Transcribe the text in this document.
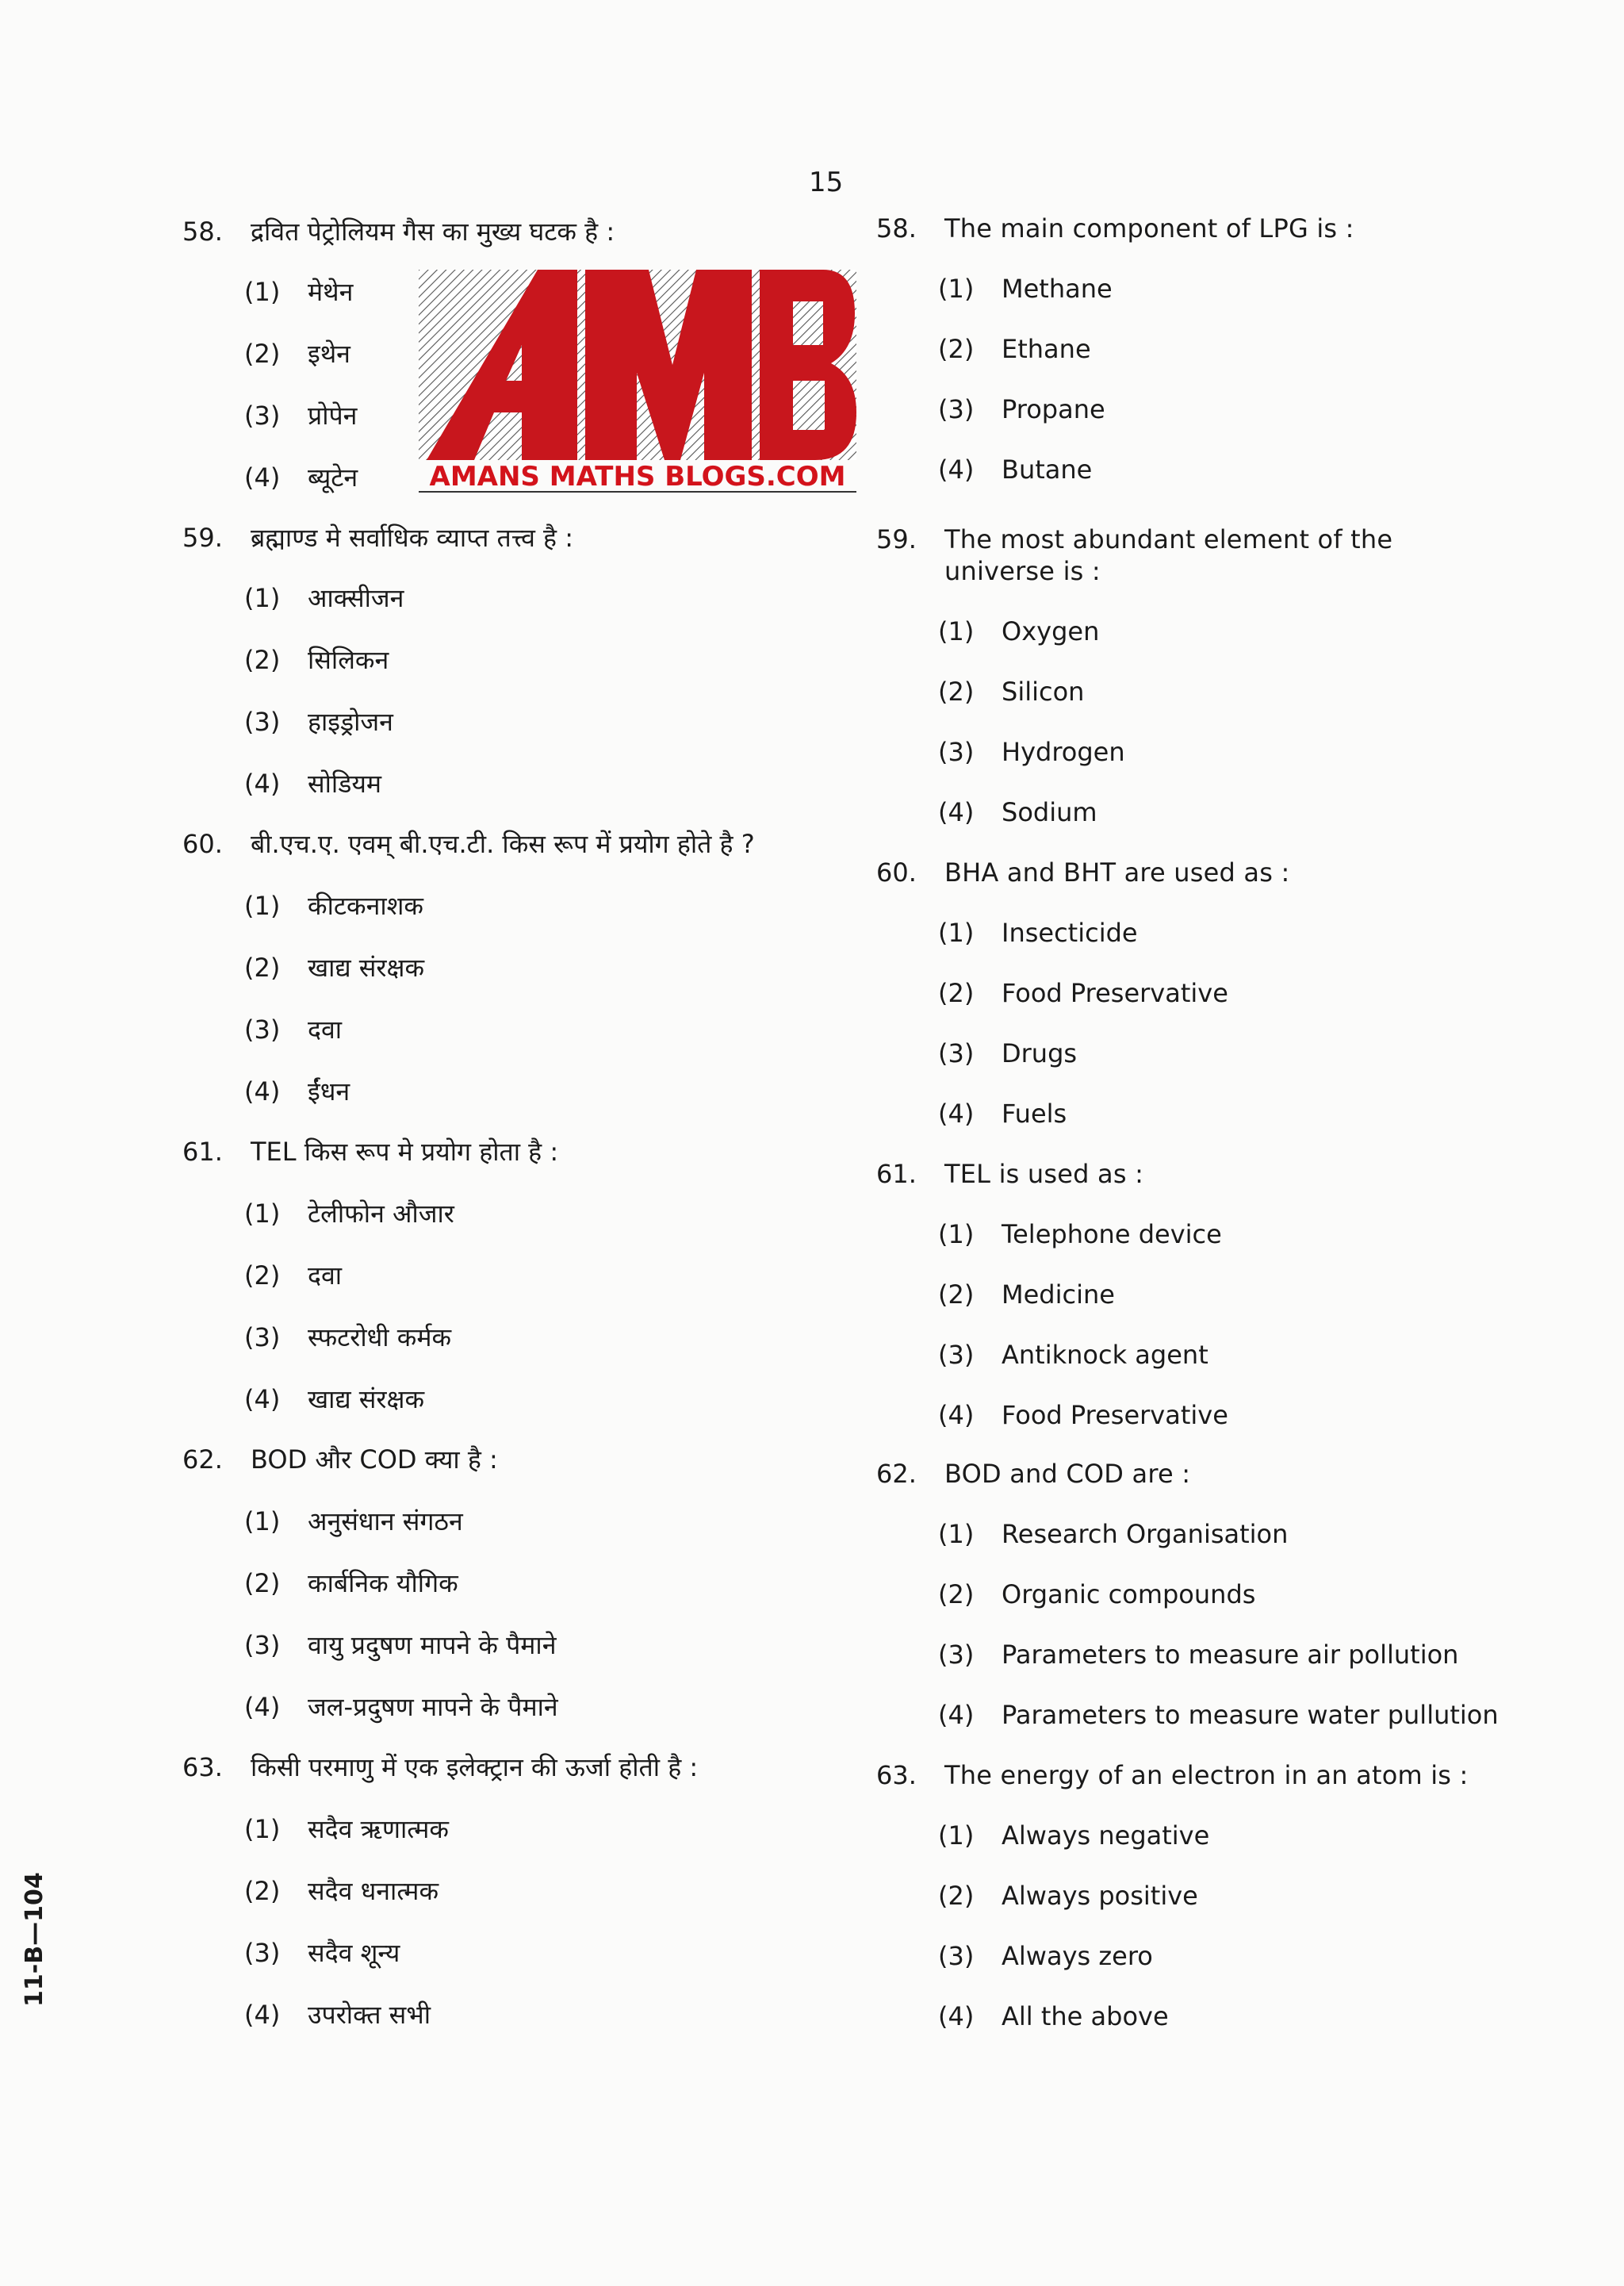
15
11-B—104
58.	द्रवित पेट्रोलियम गैस का मुख्य घटक है :
(1)	मेथेन
(2)	इथेन
(3)	प्रोपेन
(4)	ब्यूटेन
59.	ब्रह्माण्ड मे सर्वाधिक व्याप्त तत्त्व है :
(1)	आक्सीजन
(2)	सिलिकन
(3)	हाइड्रोजन
(4)	सोडियम
60.	बी.एच.ए. एवम् बी.एच.टी. किस रूप में प्रयोग होते है ?
(1)	कीटकनाशक
(2)	खाद्य संरक्षक
(3)	दवा
(4)	ईंधन
61.	TEL किस रूप मे प्रयोग होता है :
(1)	टेलीफोन औजार
(2)	दवा
(3)	स्फटरोधी कर्मक
(4)	खाद्य संरक्षक
62.	BOD और COD क्या है :
(1)	अनुसंधान संगठन
(2)	कार्बनिक यौगिक
(3)	वायु प्रदुषण मापने के पैमाने
(4)	जल-प्रदुषण मापने के पैमाने
63.	किसी परमाणु में एक इलेक्ट्रान की ऊर्जा होती है :
(1)	सदैव ऋणात्मक
(2)	सदैव धनात्मक
(3)	सदैव शून्य
(4)	उपरोक्त सभी
58.	The main component of LPG is :
(1)	Methane
(2)	Ethane
(3)	Propane
(4)	Butane
59.	The most abundant element of the universe is :
(1)	Oxygen
(2)	Silicon
(3)	Hydrogen
(4)	Sodium
60.	BHA and BHT are used as :
(1)	Insecticide
(2)	Food Preservative
(3)	Drugs
(4)	Fuels
61.	TEL is used as :
(1)	Telephone device
(2)	Medicine
(3)	Antiknock agent
(4)	Food Preservative
62.	BOD and COD are :
(1)	Research Organisation
(2)	Organic compounds
(3)	Parameters to measure air pollution
(4)	Parameters to measure water pullution
63.	The energy of an electron in an atom is :
(1)	Always negative
(2)	Always positive
(3)	Always zero
(4)	All the above
AMANS MATHS BLOGS.COM
